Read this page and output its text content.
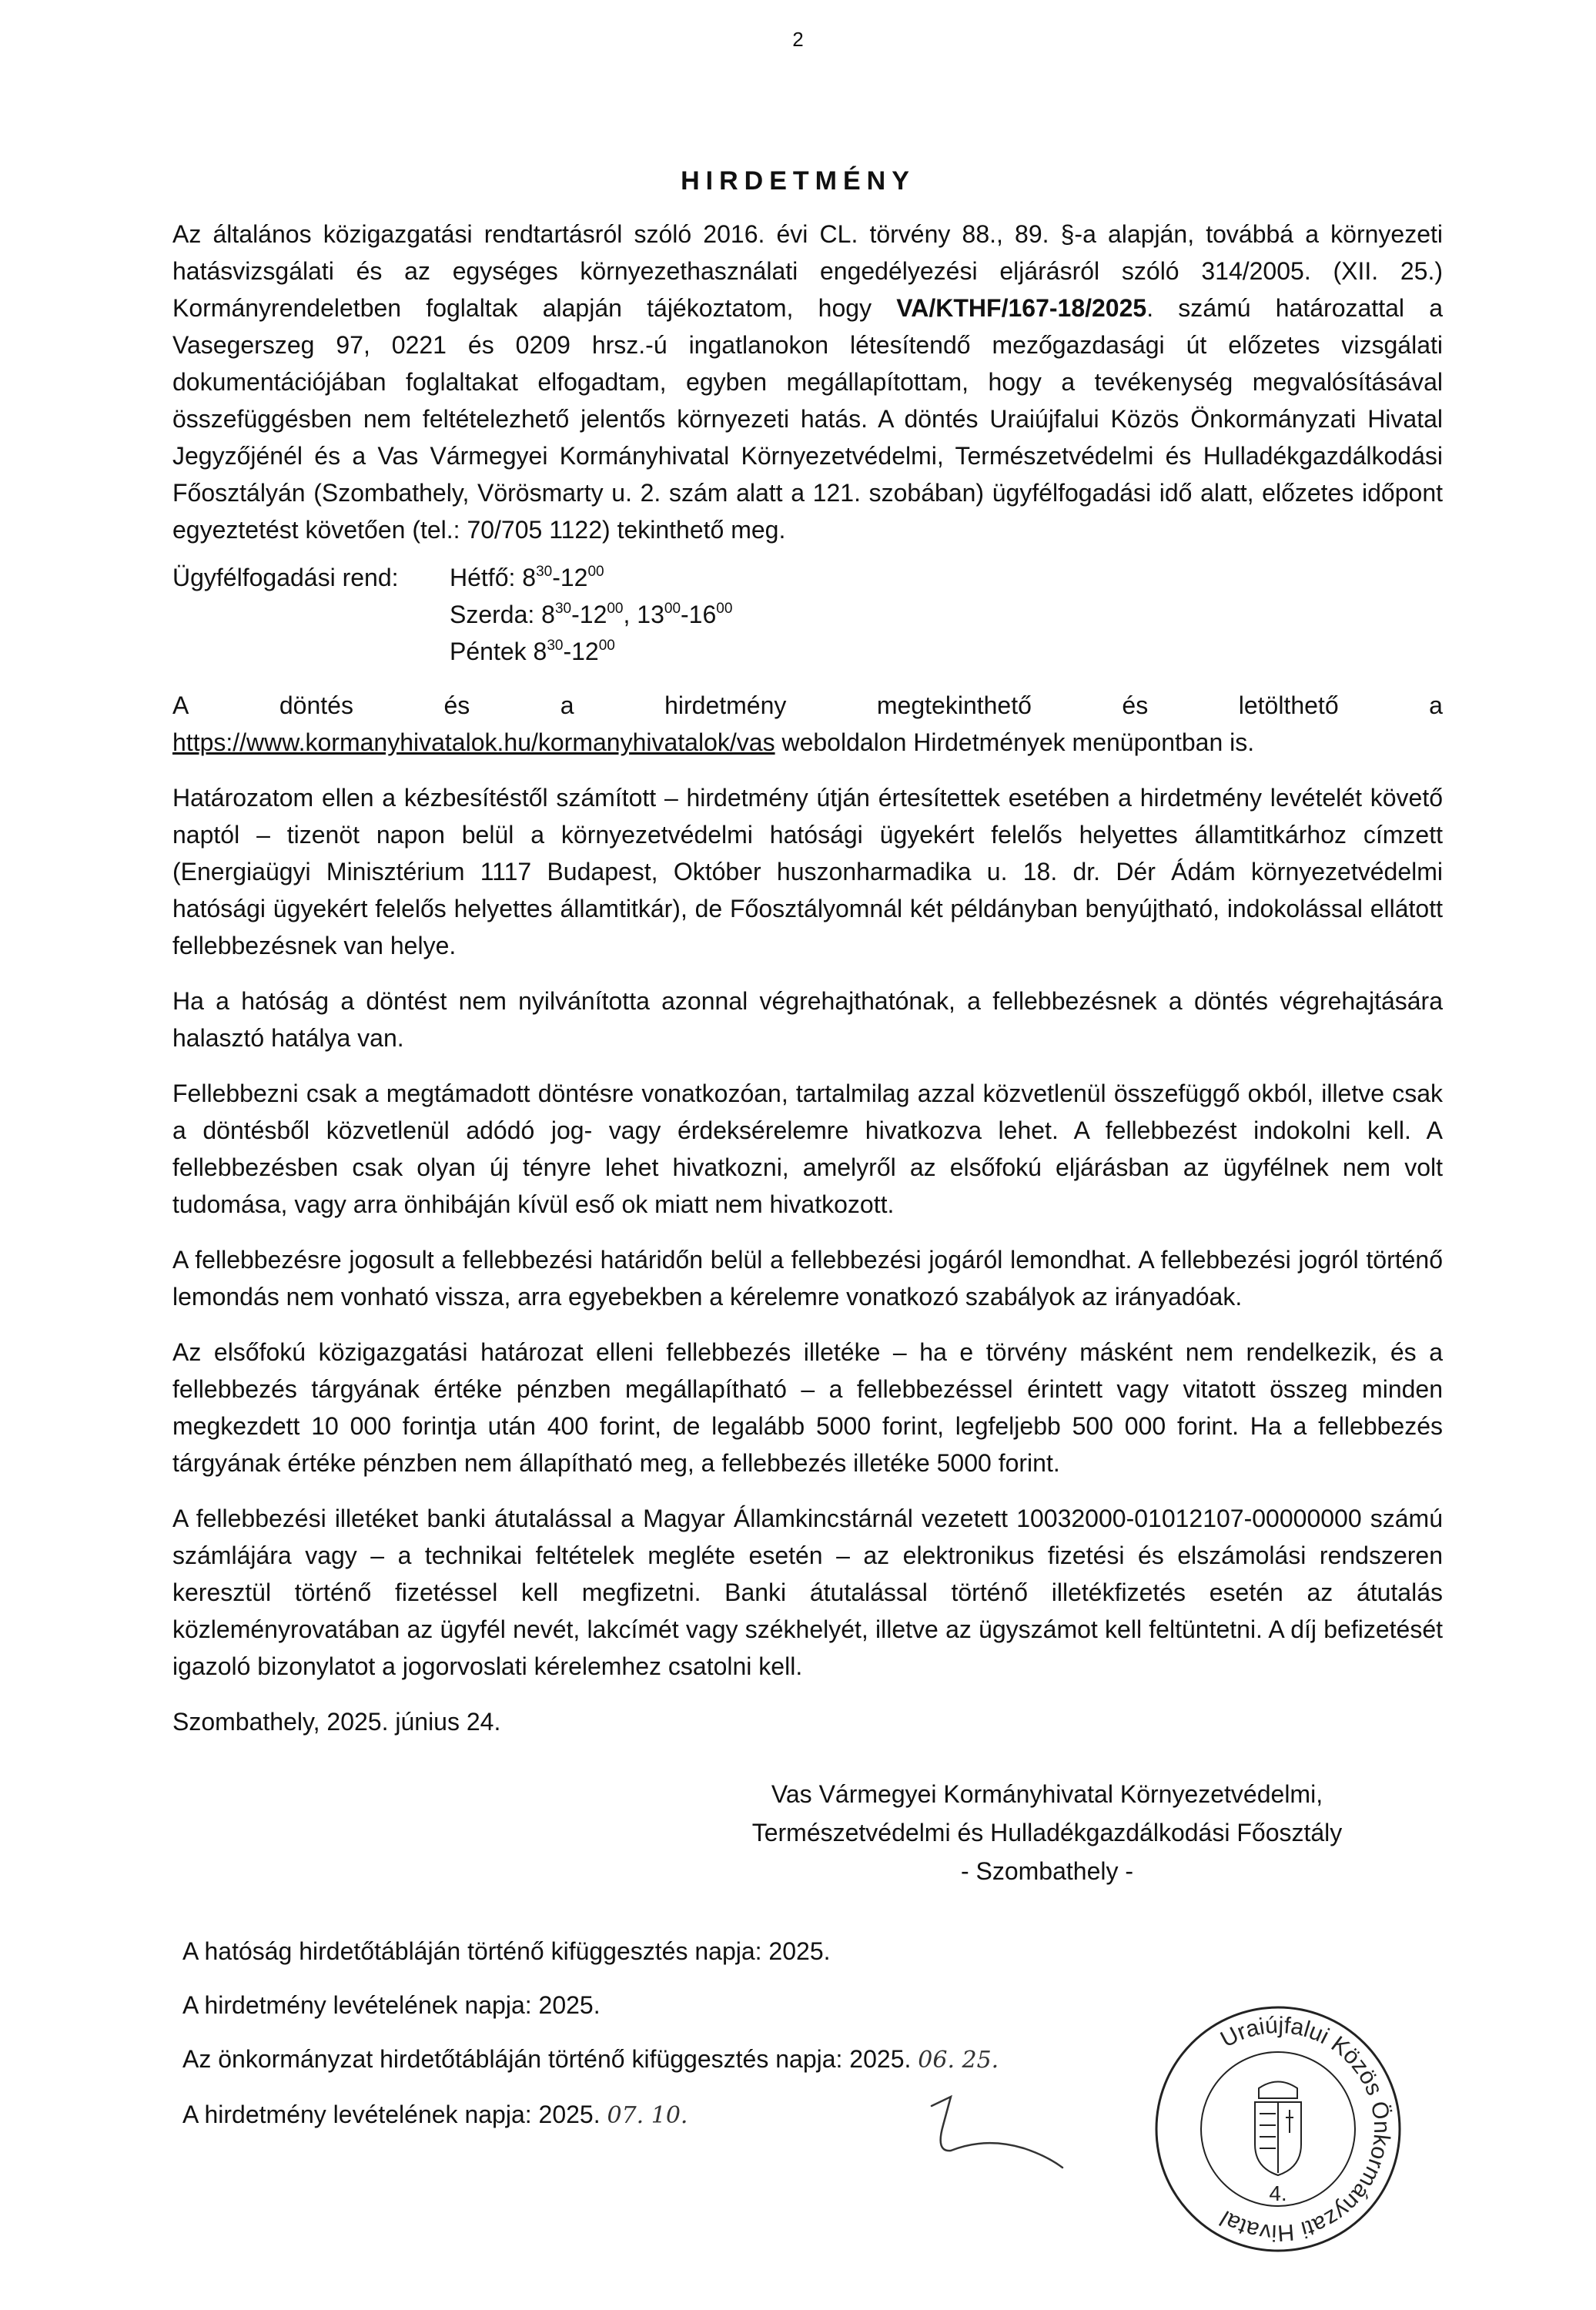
2
HIRDETMÉNY

Az általános közigazgatási rendtartásról szóló 2016. évi CL. törvény 88., 89. §-a alapján, továbbá a környezeti hatásvizsgálati és az egységes környezethasználati engedélyezési eljárásról szóló 314/2005. (XII. 25.) Kormányrendeletben foglaltak alapján tájékoztatom, hogy VA/KTHF/167-18/2025. számú határozattal a Vasegerszeg 97, 0221 és 0209 hrsz.-ú ingatlanokon létesítendő mezőgazdasági út előzetes vizsgálati dokumentációjában foglaltakat elfogadtam, egyben megállapítottam, hogy a tevékenység megvalósításával összefüggésben nem feltételezhető jelentős környezeti hatás. A döntés Uraiújfalui Közös Önkormányzati Hivatal Jegyzőjénél és a Vas Vármegyei Kormányhivatal Környezetvédelmi, Természetvédelmi és Hulladékgazdálkodási Főosztályán (Szombathely, Vörösmarty u. 2. szám alatt a 121. szobában) ügyfélfogadási idő alatt, előzetes időpont egyeztetést követően (tel.: 70/705 1122) tekinthető meg.

Ügyfélfogadási rend:	Hétfő: $8^{30}-12^{00}$
Szerda: $8^{30}-12^{00}$, $13^{00}-16^{00}$
Péntek $8^{30}-12^{00}$
A	döntés	és	a	hirdetmény	megtekinthető	és	letölthető	a
https://www.kormanyhivatalok.hu/kormanyhivatalok/vas weboldalon Hirdetmények menüpontban is.

Határozatom ellen a kézbesítéstől számított – hirdetmény útján értesítettek esetében a hirdetmény levételét követő naptól – tizenöt napon belül a környezetvédelmi hatósági ügyekért felelős helyettes államtitkárhoz címzett (Energiaügyi Minisztérium 1117 Budapest, Október huszonharmadika u. 18. dr. Dér Ádám környezetvédelmi hatósági ügyekért felelős helyettes államtitkár), de Főosztályomnál két példányban benyújtható, indokolással ellátott fellebbezésnek van helye.

Ha a hatóság a döntést nem nyilvánította azonnal végrehajthatónak, a fellebbezésnek a döntés végrehajtására halasztó hatálya van.

Fellebbezni csak a megtámadott döntésre vonatkozóan, tartalmilag azzal közvetlenül összefüggő okból, illetve csak a döntésből közvetlenül adódó jog- vagy érdeksérelemre hivatkozva lehet. A fellebbezést indokolni kell. A fellebbezésben csak olyan új tényre lehet hivatkozni, amelyről az elsőfokú eljárásban az ügyfélnek nem volt tudomása, vagy arra önhibáján kívül eső ok miatt nem hivatkozott.

A fellebbezésre jogosult a fellebbezési határidőn belül a fellebbezési jogáról lemondhat. A fellebbezési jogról történő lemondás nem vonható vissza, arra egyebekben a kérelemre vonatkozó szabályok az irányadóak.

Az elsőfokú közigazgatási határozat elleni fellebbezés illetéke – ha e törvény másként nem rendelkezik, és a fellebbezés tárgyának értéke pénzben megállapítható – a fellebbezéssel érintett vagy vitatott összeg minden megkezdett 10 000 forintja után 400 forint, de legalább 5000 forint, legfeljebb 500 000 forint. Ha a fellebbezés tárgyának értéke pénzben nem állapítható meg, a fellebbezés illetéke 5000 forint.

A fellebbezési illetéket banki átutalással a Magyar Államkincstárnál vezetett 10032000-01012107-00000000 számú számlájára vagy – a technikai feltételek megléte esetén – az elektronikus fizetési és elszámolási rendszeren keresztül történő fizetéssel kell megfizetni. Banki átutalással történő illetékfizetés esetén az átutalás közleményrovatában az ügyfél nevét, lakcímét vagy székhelyét, illetve az ügyszámot kell feltüntetni. A díj befizetését igazoló bizonylatot a jogorvoslati kérelemhez csatolni kell.

Szombathely, 2025. június 24.

Vas Vármegyei Kormányhivatal Környezetvédelmi,
Természetvédelmi és Hulladékgazdálkodási Főosztály
- Szombathely -
A hatóság hirdetőtábláján történő kifüggesztés napja: 2025.
A hirdetmény levételének napja: 2025.
Az önkormányzat hirdetőtábláján történő kifüggesztés napja: 2025. 06. 25.
A hirdetmény levételének napja: 2025. 07. 10.
Uraiújfalui Közös Önkormányzati Hivatal
4.
